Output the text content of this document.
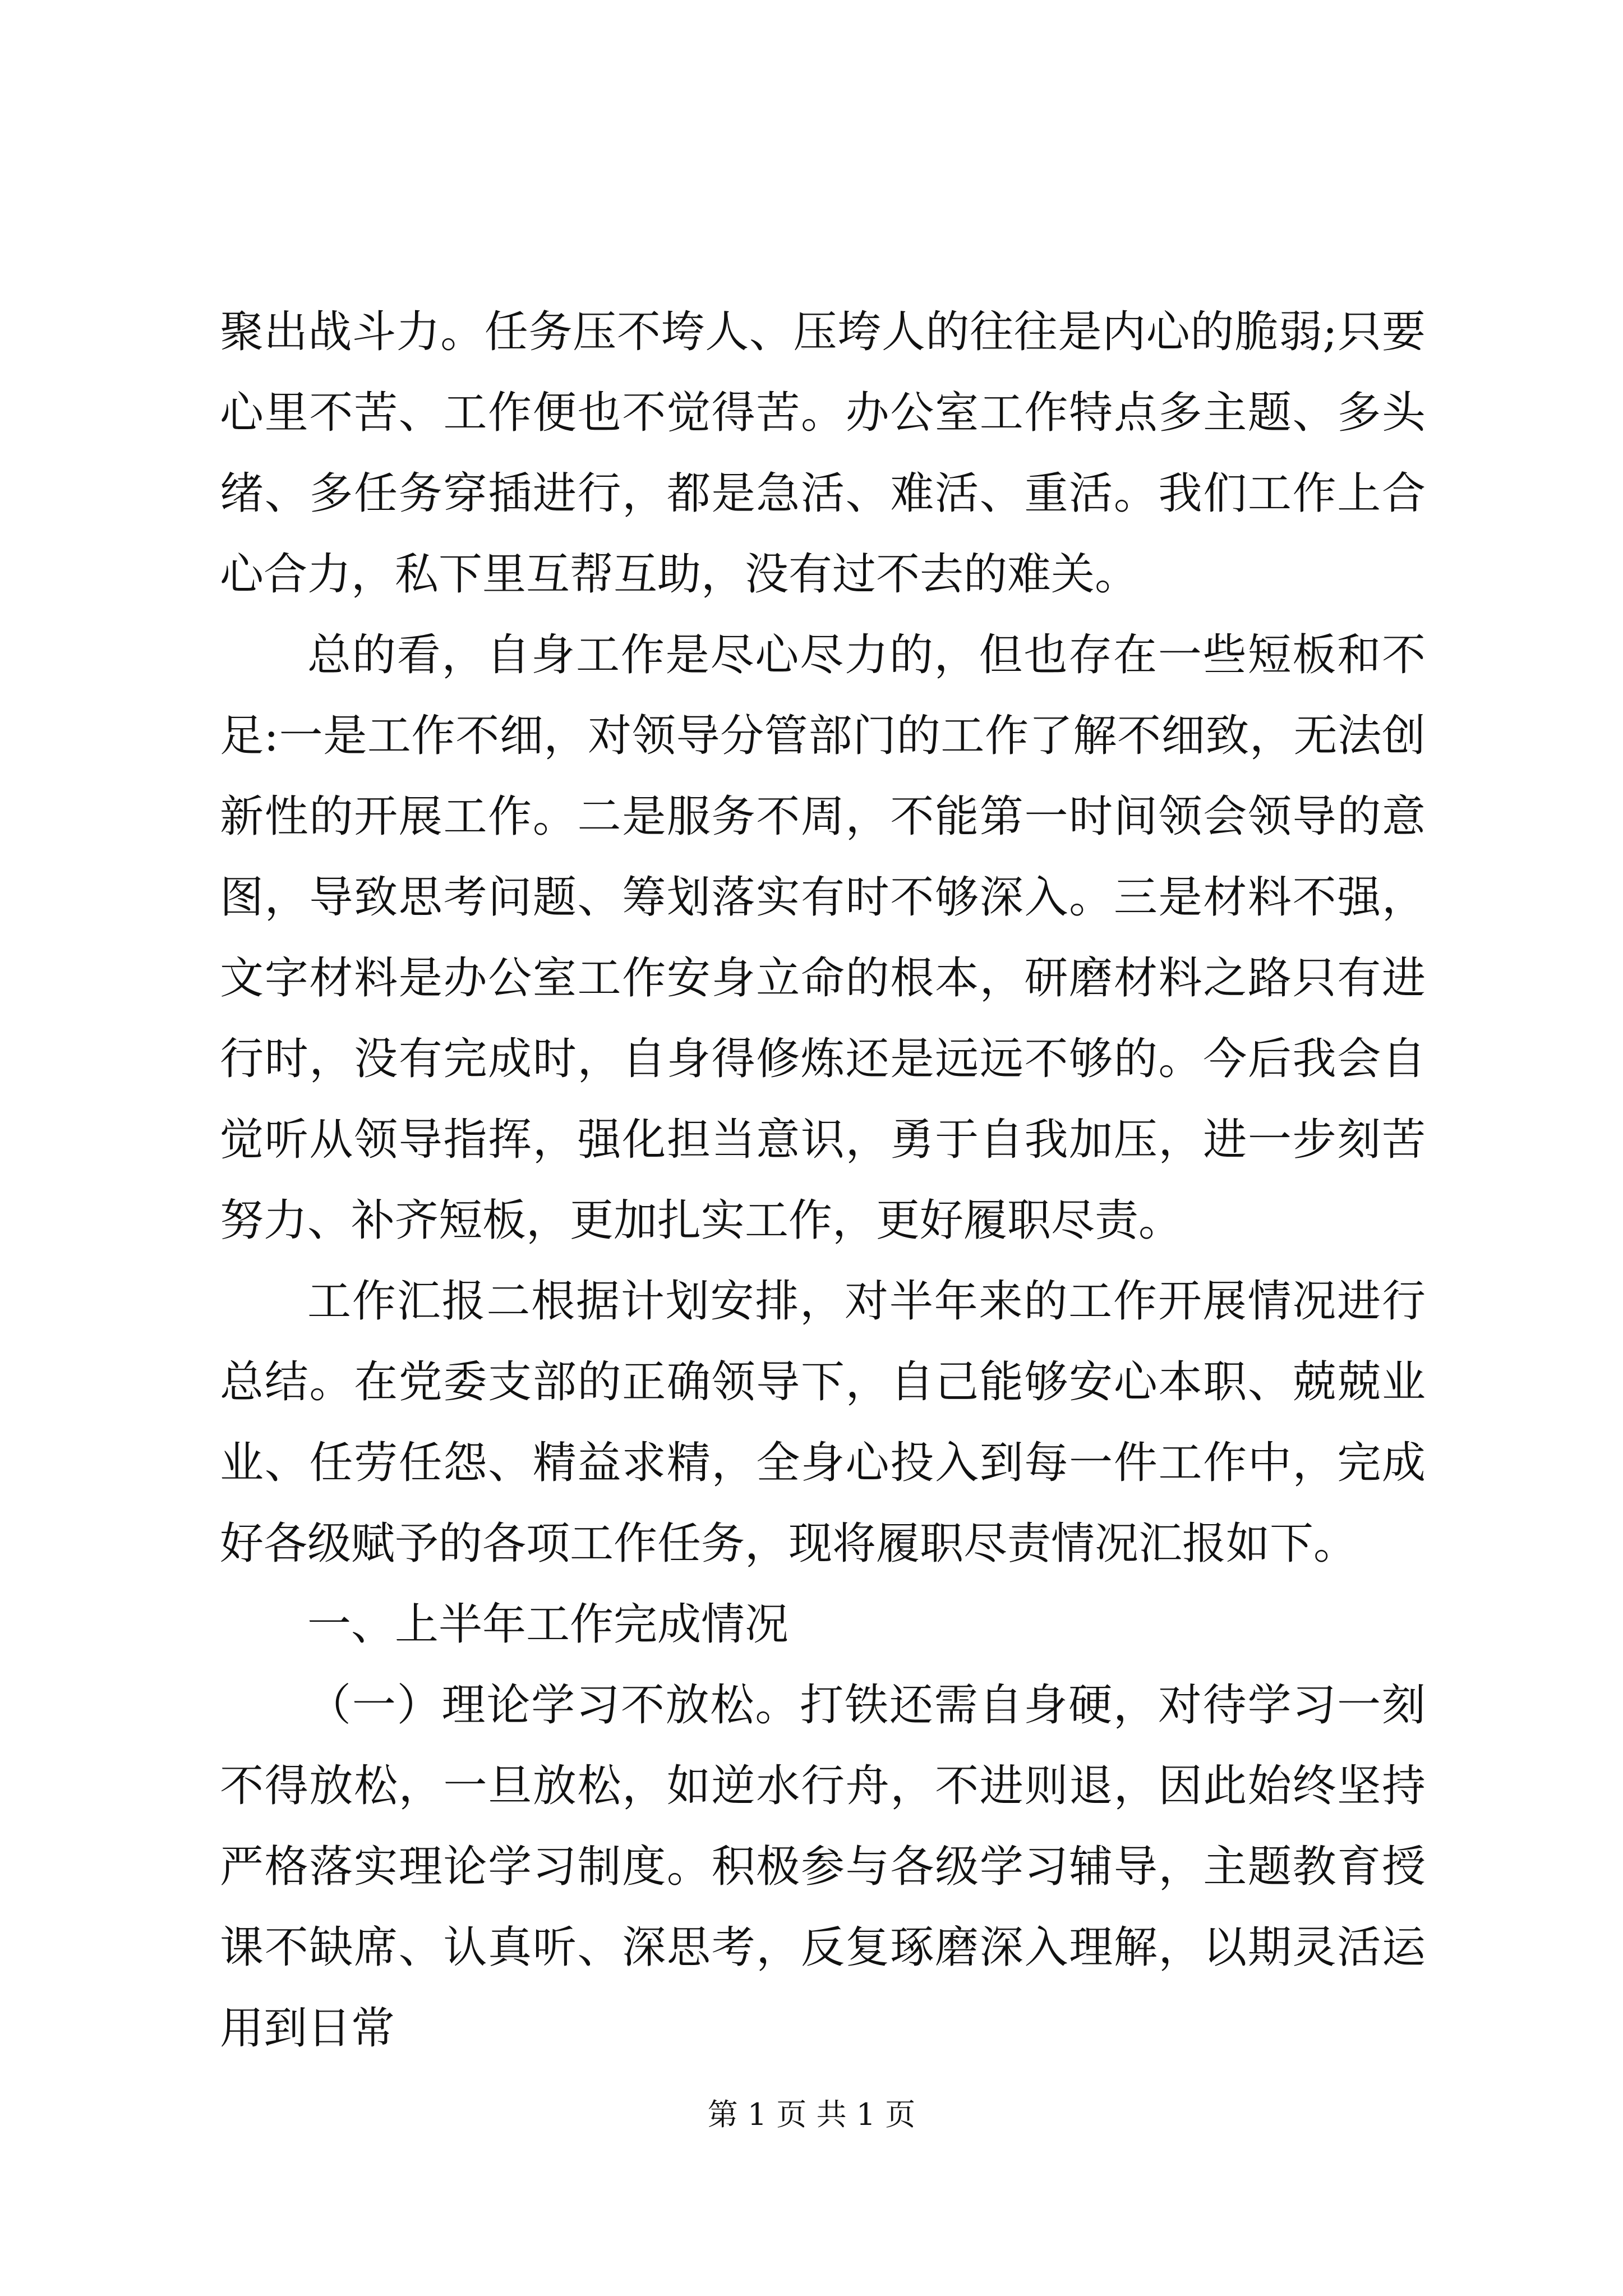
聚出战斗力。任务压不垮人、压垮人的往往是内心的脆弱;只要心里不苦、工作便也不觉得苦。办公室工作特点多主题、多头绪、多任务穿插进行，都是急活、难活、重活。我们工作上合心合力，私下里互帮互助，没有过不去的难关。

总的看，自身工作是尽心尽力的，但也存在一些短板和不足:一是工作不细，对领导分管部门的工作了解不细致，无法创新性的开展工作。二是服务不周，不能第一时间领会领导的意图，导致思考问题、筹划落实有时不够深入。三是材料不强，文字材料是办公室工作安身立命的根本，研磨材料之路只有进行时，没有完成时，自身得修炼还是远远不够的。今后我会自觉听从领导指挥，强化担当意识，勇于自我加压，进一步刻苦努力、补齐短板，更加扎实工作，更好履职尽责。

工作汇报二根据计划安排，对半年来的工作开展情况进行总结。在党委支部的正确领导下，自己能够安心本职、兢兢业业、任劳任怨、精益求精，全身心投入到每一件工作中，完成好各级赋予的各项工作任务，现将履职尽责情况汇报如下。

一、上半年工作完成情况

（一）理论学习不放松。打铁还需自身硬，对待学习一刻不得放松，一旦放松，如逆水行舟，不进则退，因此始终坚持严格落实理论学习制度。积极参与各级学习辅导，主题教育授课不缺席、认真听、深思考，反复琢磨深入理解，以期灵活运用到日常

第 1 页 共 1 页
